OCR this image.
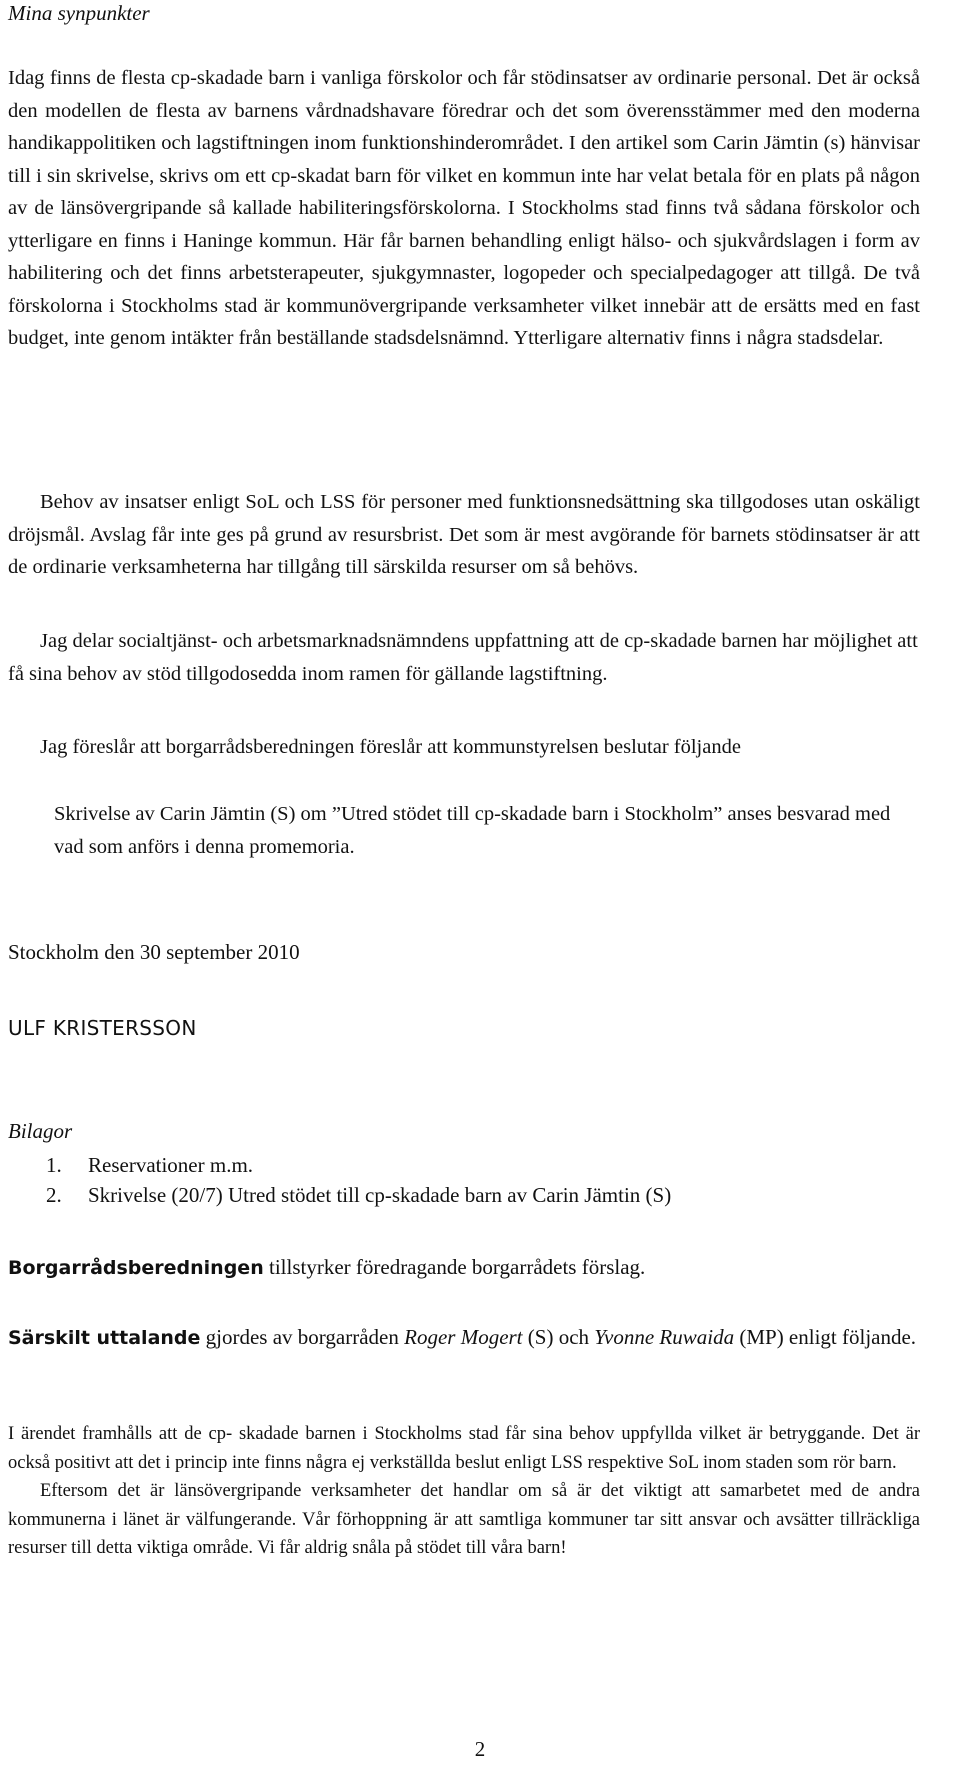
Mina synpunkter

Idag finns de flesta cp-skadade barn i vanliga förskolor och får stödinsatser av ordinarie personal. Det är också den modellen de flesta av barnens vårdnadshavare föredrar och det som överensstämmer med den moderna handikappolitiken och lagstiftningen inom funktionshinderområdet. I den artikel som Carin Jämtin (s) hänvisar till i sin skrivelse, skrivs om ett cp-skadat barn för vilket en kommun inte har velat betala för en plats på någon av de länsövergripande så kallade habiliteringsförskolorna. I Stockholms stad finns två sådana förskolor och ytterligare en finns i Haninge kommun. Här får barnen behandling enligt hälso- och sjukvårdslagen i form av habilitering och det finns arbetsterapeuter, sjukgymnaster, logopeder och specialpedagoger att tillgå. De två förskolorna i Stockholms stad är kommunövergripande verksamheter vilket innebär att de ersätts med en fast budget, inte genom intäkter från beställande stadsdelsnämnd. Ytterligare alternativ finns i några stadsdelar.

Behov av insatser enligt SoL och LSS för personer med funktionsnedsättning ska tillgodoses utan oskäligt dröjsmål. Avslag får inte ges på grund av resursbrist. Det som är mest avgörande för barnets stödinsatser är att de ordinarie verksamheterna har tillgång till särskilda resurser om så behövs.

Jag delar socialtjänst- och arbetsmarknadsnämndens uppfattning att de cp-skadade barnen har möjlighet att få sina behov av stöd tillgodosedda inom ramen för gällande lagstiftning.

Jag föreslår att borgarrådsberedningen föreslår att kommunstyrelsen beslutar följande

Skrivelse av Carin Jämtin (S) om ”Utred stödet till cp-skadade barn i Stockholm” anses besvarad med vad som anförs i denna promemoria.

Stockholm den 30 september 2010

ULF KRISTERSSON

Bilagor

1.	Reservationer m.m.
2.	Skrivelse (20/7) Utred stödet till cp-skadade barn av Carin Jämtin (S)

Borgarrådsberedningen tillstyrker föredragande borgarrådets förslag.

Särskilt uttalande gjordes av borgarråden Roger Mogert (S) och Yvonne Ruwaida (MP) enligt följande.

I ärendet framhålls att de cp- skadade barnen i Stockholms stad får sina behov uppfyllda vilket är betryggande. Det är också positivt att det i princip inte finns några ej verkställda beslut enligt LSS respektive SoL inom staden som rör barn.

Eftersom det är länsövergripande verksamheter det handlar om så är det viktigt att samarbetet med de andra kommunerna i länet är välfungerande. Vår förhoppning är att samtliga kommuner tar sitt ansvar och avsätter tillräckliga resurser till detta viktiga område. Vi får aldrig snåla på stödet till våra barn!

2
